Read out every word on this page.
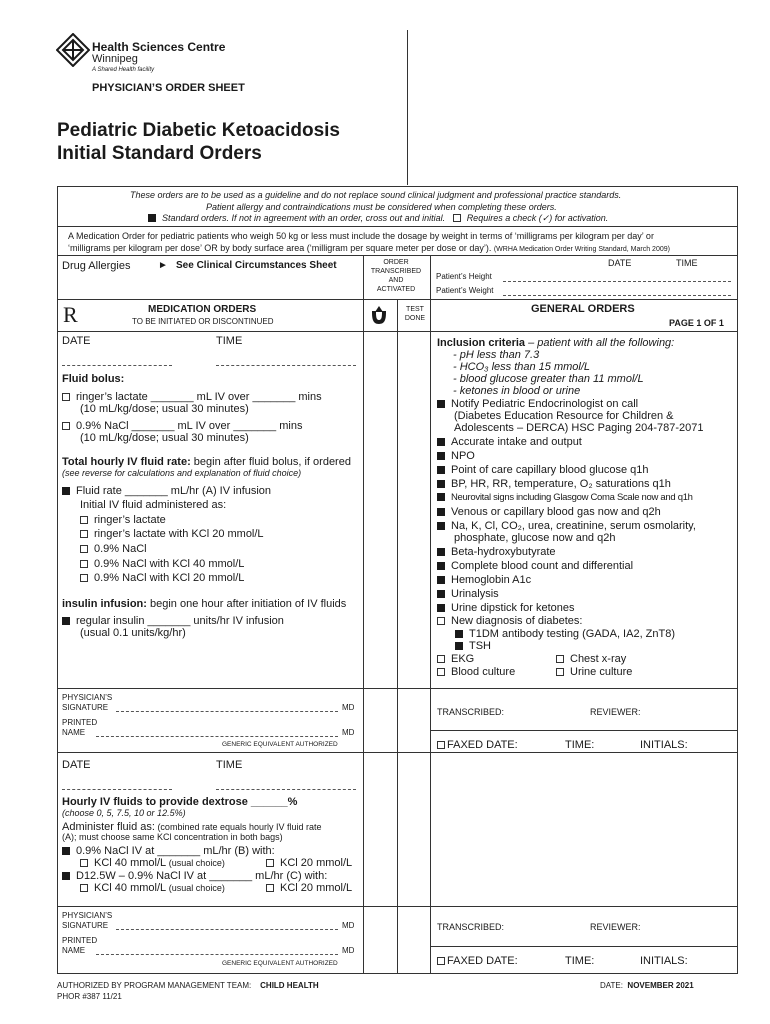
Health Sciences Centre
Winnipeg
A Shared Health facility
PHYSICIAN’S ORDER SHEET
Pediatric Diabetic Ketoacidosis
Initial Standard Orders
These orders are to be used as a guideline and do not replace sound clinical judgment and professional practice standards.
Patient allergy and contraindications must be considered when completing these orders.
Standard orders. If not in agreement with an order, cross out and initial. Requires a check (✓) for activation.
A Medication Order for pediatric patients who weigh 50 kg or less must include the dosage by weight in terms of ‘milligrams per kilogram per day’ or
‘milligrams per kilogram per dose’ OR by body surface area (‘milligram per square meter per dose or day’). (WRHA Medication Order Writing Standard, March 2009)
Drug Allergies	► See Clinical Circumstances Sheet	ORDER
TRANSCRIBED
AND
ACTIVATED
DATE	TIME
Patient’s Height
Patient’s Weight
R	MEDICATION ORDERS
TO BE INITIATED OR DISCONTINUED
TEST
DONE
GENERAL ORDERS
PAGE 1 OF 1
DATE	TIME
Fluid bolus:
ringer’s lactate _______ mL IV over _______ mins
(10 mL/kg/dose; usual 30 minutes)
0.9% NaCl _______ mL IV over _______ mins
(10 mL/kg/dose; usual 30 minutes)
Total hourly IV fluid rate: begin after fluid bolus, if ordered
(see reverse for calculations and explanation of fluid choice)
Fluid rate _______ mL/hr (A) IV infusion
Initial IV fluid administered as:
ringer’s lactate
ringer’s lactate with KCl 20 mmol/L
0.9% NaCl
0.9% NaCl with KCl 40 mmol/L
0.9% NaCl with KCl 20 mmol/L
insulin infusion: begin one hour after initiation of IV fluids
regular insulin _______ units/hr IV infusion
(usual 0.1 units/kg/hr)
PHYSICIAN’S
SIGNATURE	MD
PRINTED
NAME	MD
GENERIC EQUIVALENT AUTHORIZED
Inclusion criteria – patient with all the following:
- pH less than 7.3
- HCO₃ less than 15 mmol/L
- blood glucose greater than 11 mmol/L
- ketones in blood or urine
Notify Pediatric Endocrinologist on call
(Diabetes Education Resource for Children &
Adolescents – DERCA) HSC Paging 204-787-2071
Accurate intake and output
NPO
Point of care capillary blood glucose q1h
BP, HR, RR, temperature, O₂ saturations q1h
Neurovital signs including Glasgow Coma Scale now and q1h
Venous or capillary blood gas now and q2h
Na, K, Cl, CO₂, urea, creatinine, serum osmolarity,
phosphate, glucose now and q2h
Beta-hydroxybutyrate
Complete blood count and differential
Hemoglobin A1c
Urinalysis
Urine dipstick for ketones
New diagnosis of diabetes:
T1DM antibody testing (GADA, IA2, ZnT8)
TSH
EKG	Chest x-ray
Blood culture	Urine culture
TRANSCRIBED:	REVIEWER:
FAXED DATE:	TIME:	INITIALS:
DATE	TIME
Hourly IV fluids to provide dextrose ______%
(choose 0, 5, 7.5, 10 or 12.5%)
Administer fluid as: (combined rate equals hourly IV fluid rate
(A); must choose same KCl concentration in both bags)
0.9% NaCl IV at _______ mL/hr (B) with:
KCl 40 mmol/L (usual choice)	KCl 20 mmol/L
D12.5W – 0.9% NaCl IV at _______ mL/hr (C) with:
KCl 40 mmol/L (usual choice)	KCl 20 mmol/L
PHYSICIAN’S
SIGNATURE	MD
PRINTED
NAME	MD
GENERIC EQUIVALENT AUTHORIZED
TRANSCRIBED:	REVIEWER:
FAXED DATE:	TIME:	INITIALS:
AUTHORIZED BY PROGRAM MANAGEMENT TEAM: CHILD HEALTH
PHOR #387 11/21
DATE: NOVEMBER 2021
